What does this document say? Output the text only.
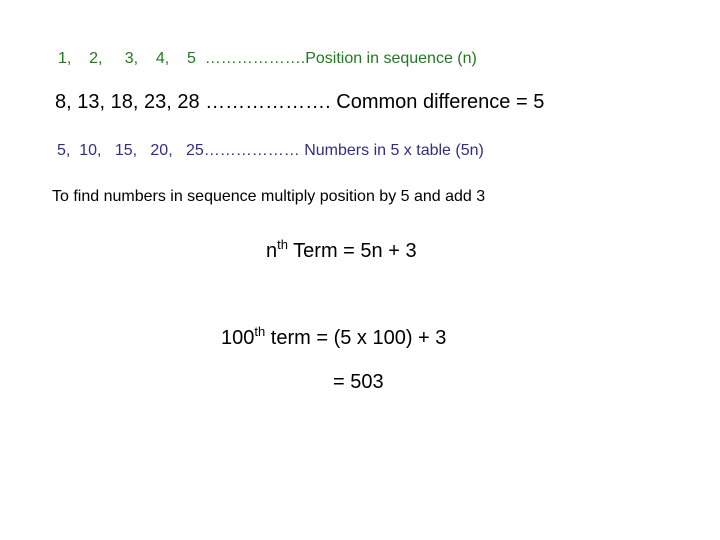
1,    2,     3,    4,    5  ……………….Position in sequence (n)
8, 13, 18, 23, 28 ………………. Common difference = 5
5,  10,   15,   20,   25……………… Numbers in 5 x table (5n)
To find numbers in sequence multiply position by 5 and add 3
$n^{th}$ Term = 5n + 3
100th term = (5 x 100) + 3
= 503
